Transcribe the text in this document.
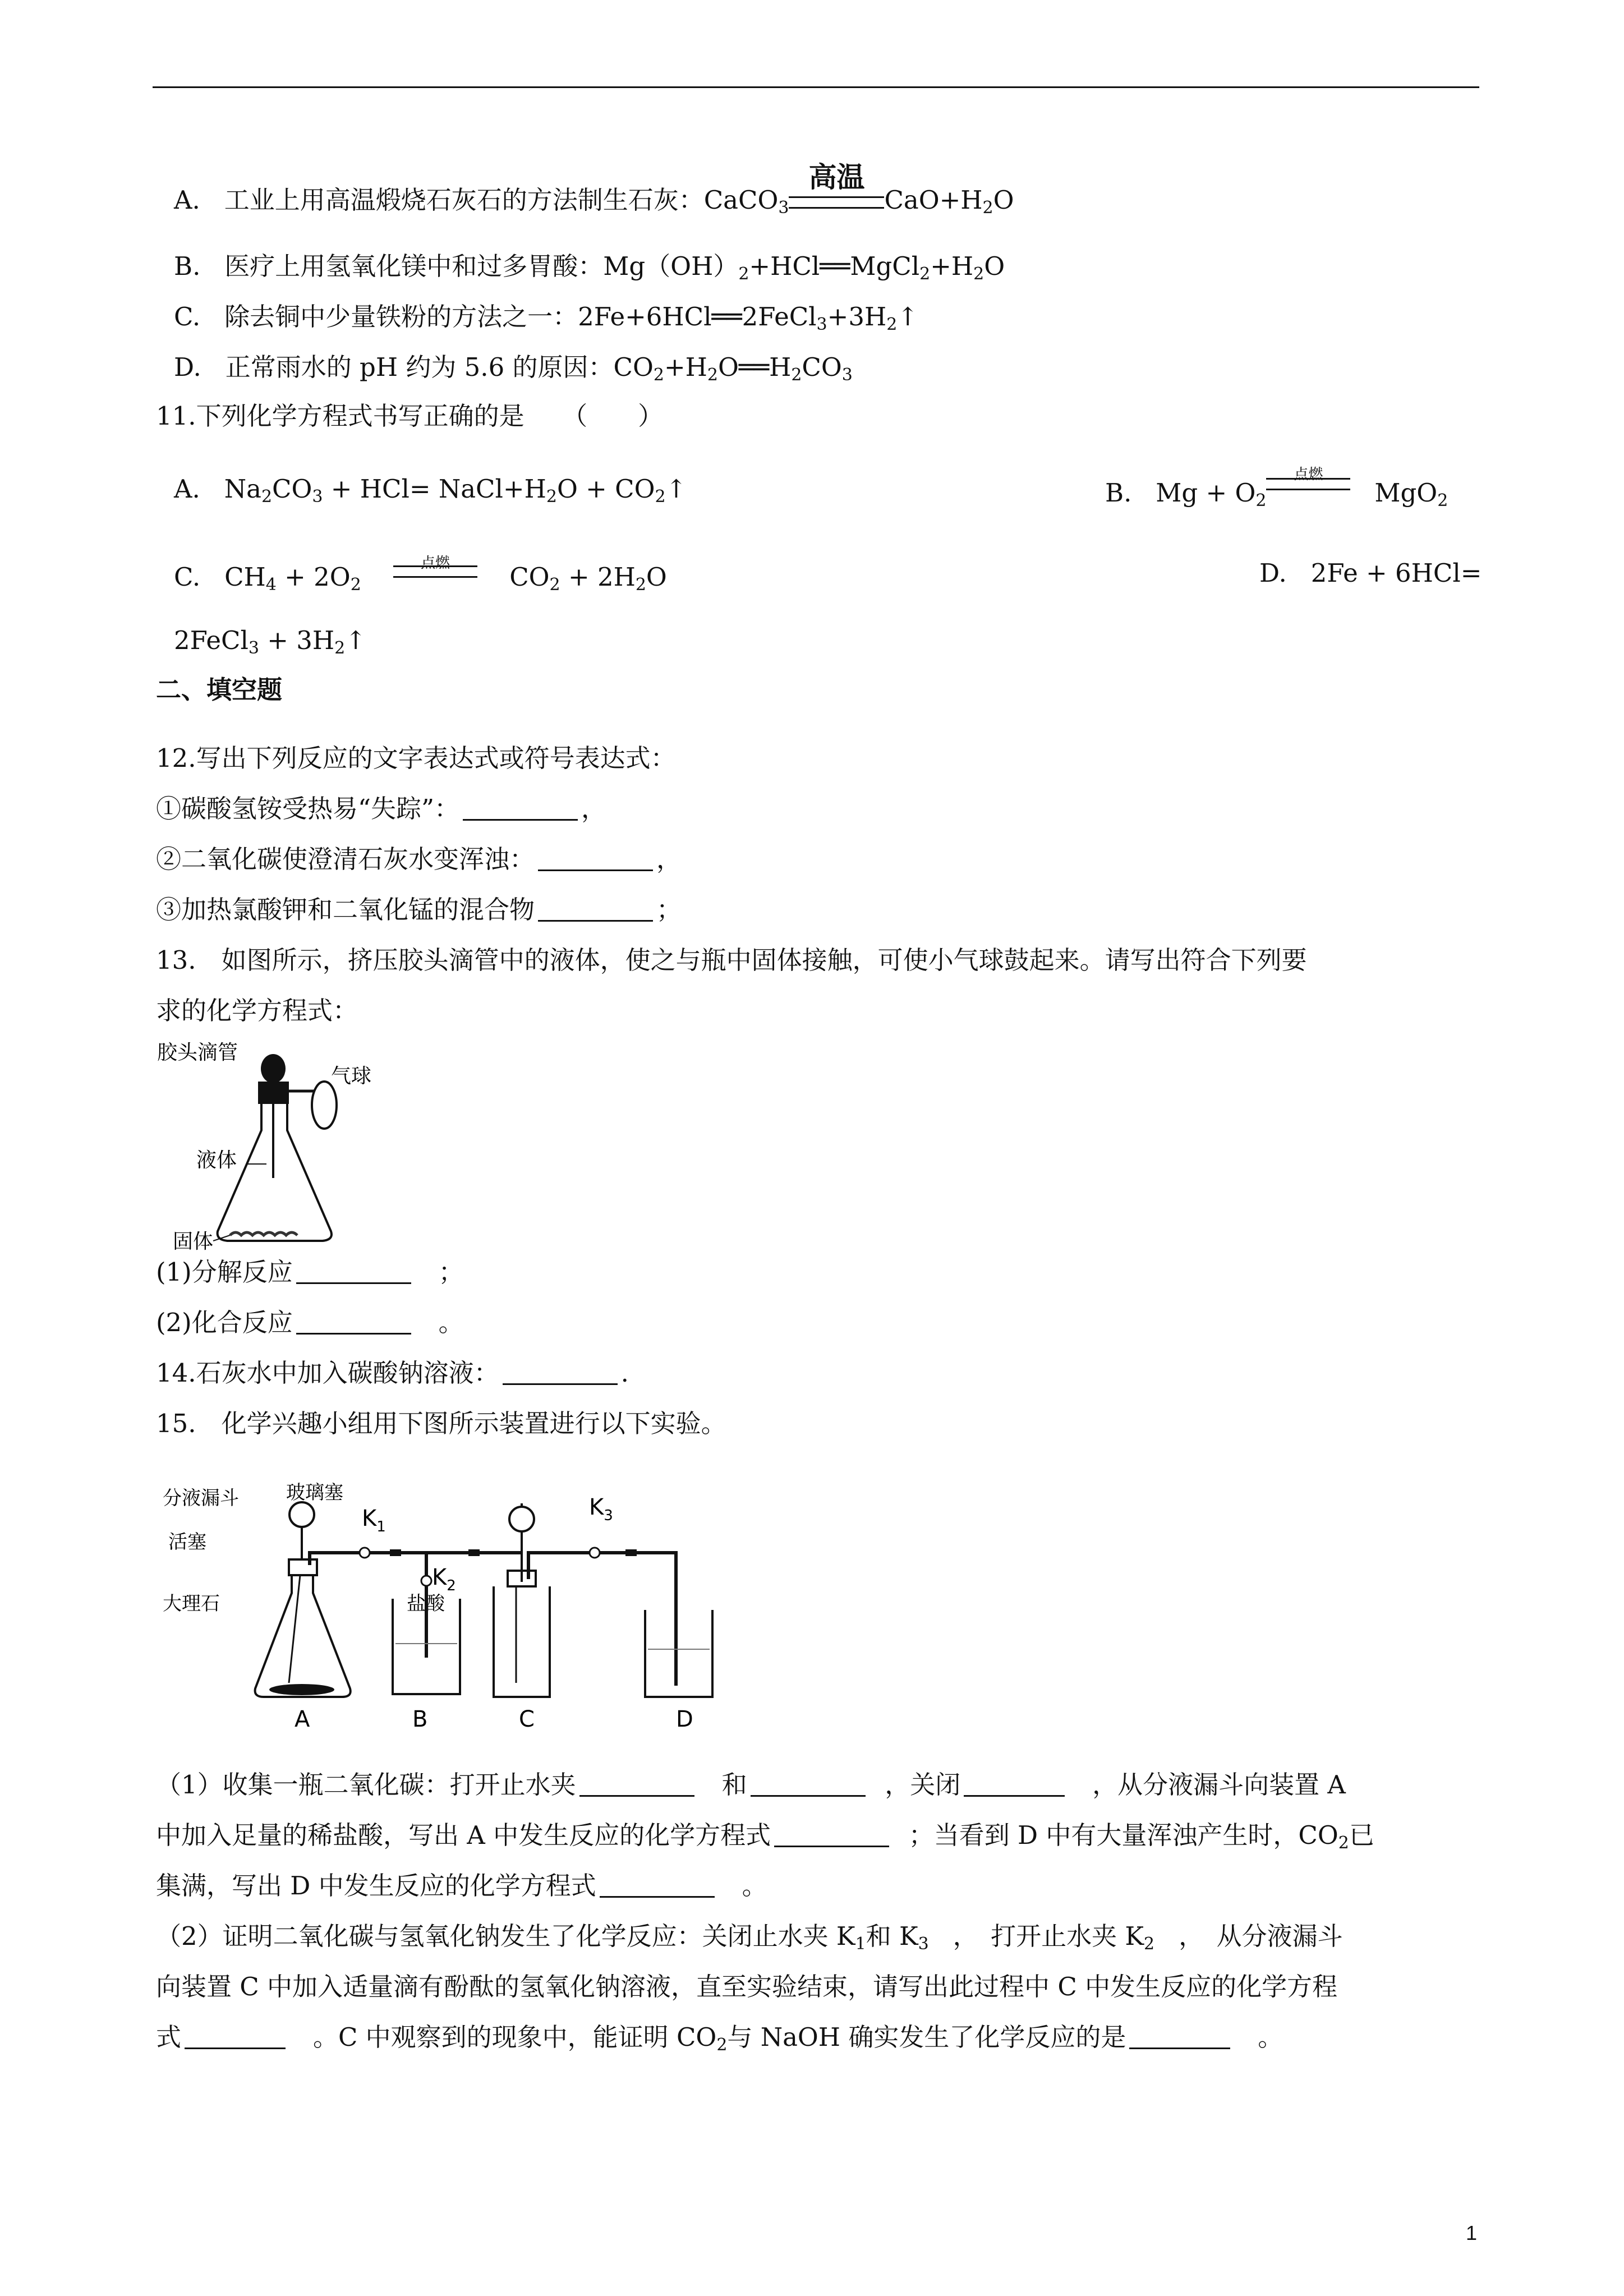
A. 工业上用高温煅烧石灰石的方法制生石灰：CaCO$_3$
高温
$CaO+H_2O$
B. 医疗上用氢氧化镁中和过多胃酸：$Mg(OH)_2+HCl══MgCl_2+H_2O$
C. 除去铜中少量铁粉的方法之一：$2Fe+6HCl══2FeCl_3+3H_2↑$
D. 正常雨水的 pH 约为 5.6 的原因：$CO_2+H_2O══H_2CO_3$
11.下列化学方程式书写正确的是　　（　　）
A. $Na_2CO_3 + HCl=$ $NaCl+H_2O$ + $CO_2↑$	B. $Mg + O_2$
点燃
MgO$_2$
C. $CH_4 + 2O_2$
点燃	$CO_2 + 2H_2O$	D. 2Fe + 6HCl=
2FeCl$_3$ + $3H_2↑$
二、填空题
12.写出下列反应的文字表达式或符号表达式：
①碳酸氢铵受热易“失踪”：	，
②二氧化碳使澄清石灰水变浑浊：	，
③加热氯酸钾和二氧化锰的混合物	；
13.　如图所示，挤压胶头滴管中的液体，使之与瓶中固体接触，可使小气球鼓起来。请写出符合下列要
求的化学方程式：
胶头滴管
气球
液体
固体
(1)分解反应	；
(2)化合反应	。
14.石灰水中加入碳酸钠溶液：	.
15.　化学兴趣小组用下图所示装置进行以下实验。
分液漏斗 玻璃塞
活塞
大理石	盐酸
$K_1$
$K_2$
$K_3$
A	B	C	D
（1）收集一瓶二氧化碳：打开止水夹	和	，关闭	，从分液漏斗向装置 A
中加入足量的稀盐酸，写出 A 中发生反应的化学方程式	；当看到 D 中有大量浑浊产生时，$CO_2$已
集满，写出 D 中发生反应的化学方程式	。
（2）证明二氧化碳与氢氧化钠发生了化学反应：关闭止水夹 $K_1$和 $K_3$ ，　打开止水夹 $K_2$ ，　从分液漏斗
向装置 C 中加入适量滴有酚酞的氢氧化钠溶液，直至实验结束，请写出此过程中 C 中发生反应的化学方程
式	。C 中观察到的现象中，能证明 $CO_2$与 NaOH 确实发生了化学反应的是	。
1
